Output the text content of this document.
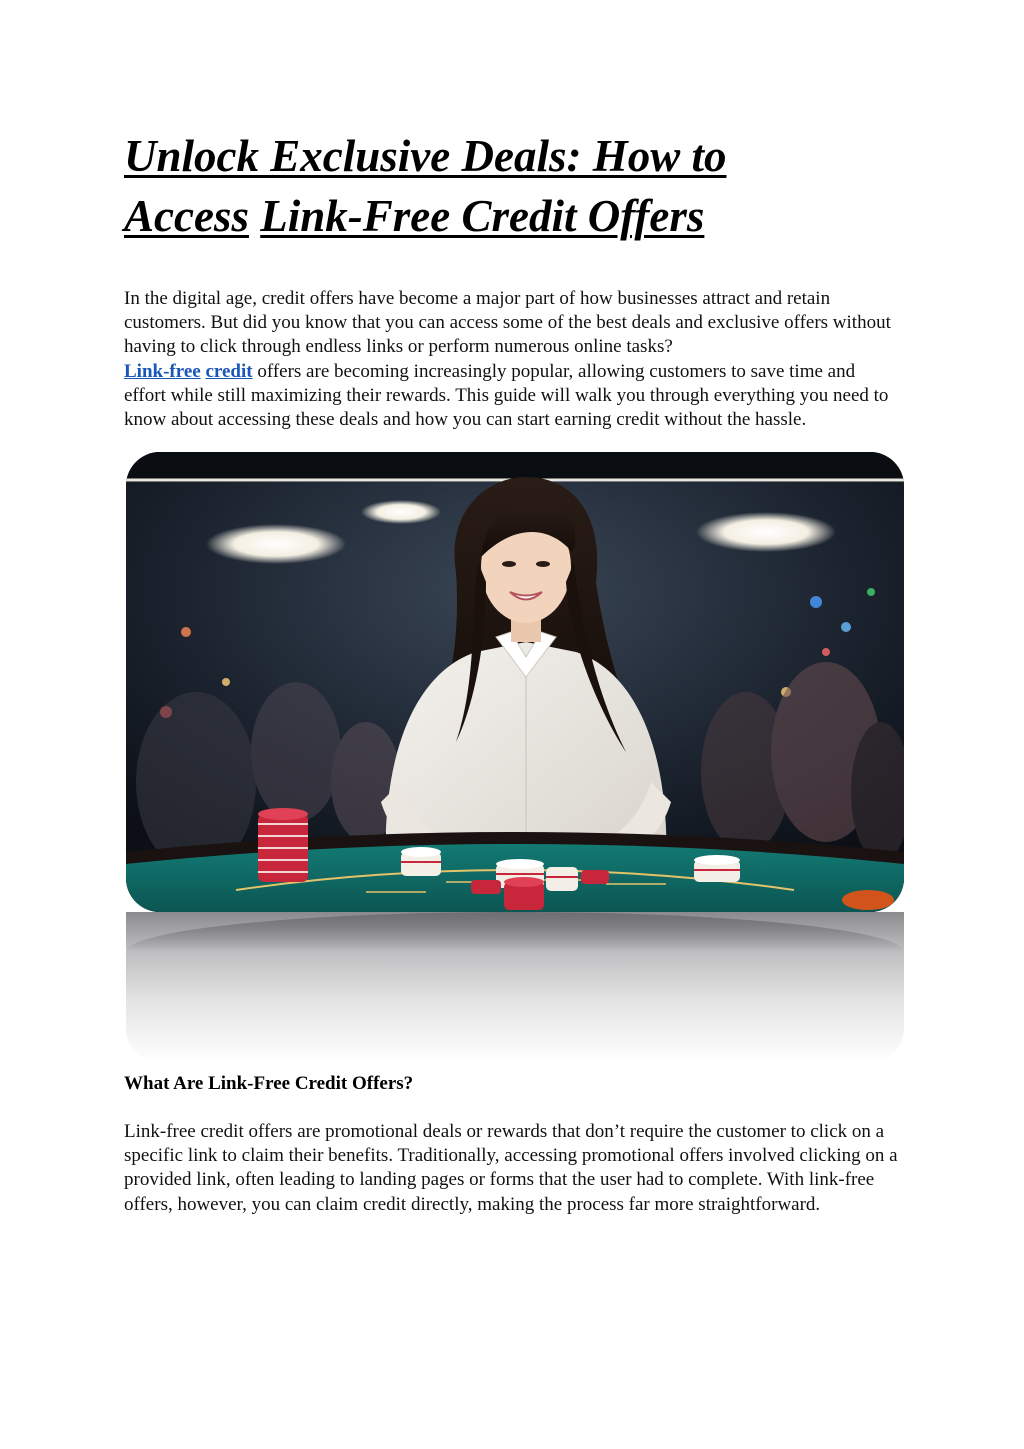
Unlock Exclusive Deals: How to
Access Link-Free Credit Offers

In the digital age, credit offers have become a major part of how businesses attract and retain customers. But did you know that you can access some of the best deals and exclusive offers without having to click through endless links or perform numerous online tasks?
Link-free credit offers are becoming increasingly popular, allowing customers to save time and effort while still maximizing their rewards. This guide will walk you through everything you need to know about accessing these deals and how you can start earning credit without the hassle.

What Are Link-Free Credit Offers?

Link-free credit offers are promotional deals or rewards that don’t require the customer to click on a specific link to claim their benefits. Traditionally, accessing promotional offers involved clicking on a provided link, often leading to landing pages or forms that the user had to complete. With link-free offers, however, you can claim credit directly, making the process far more straightforward.
